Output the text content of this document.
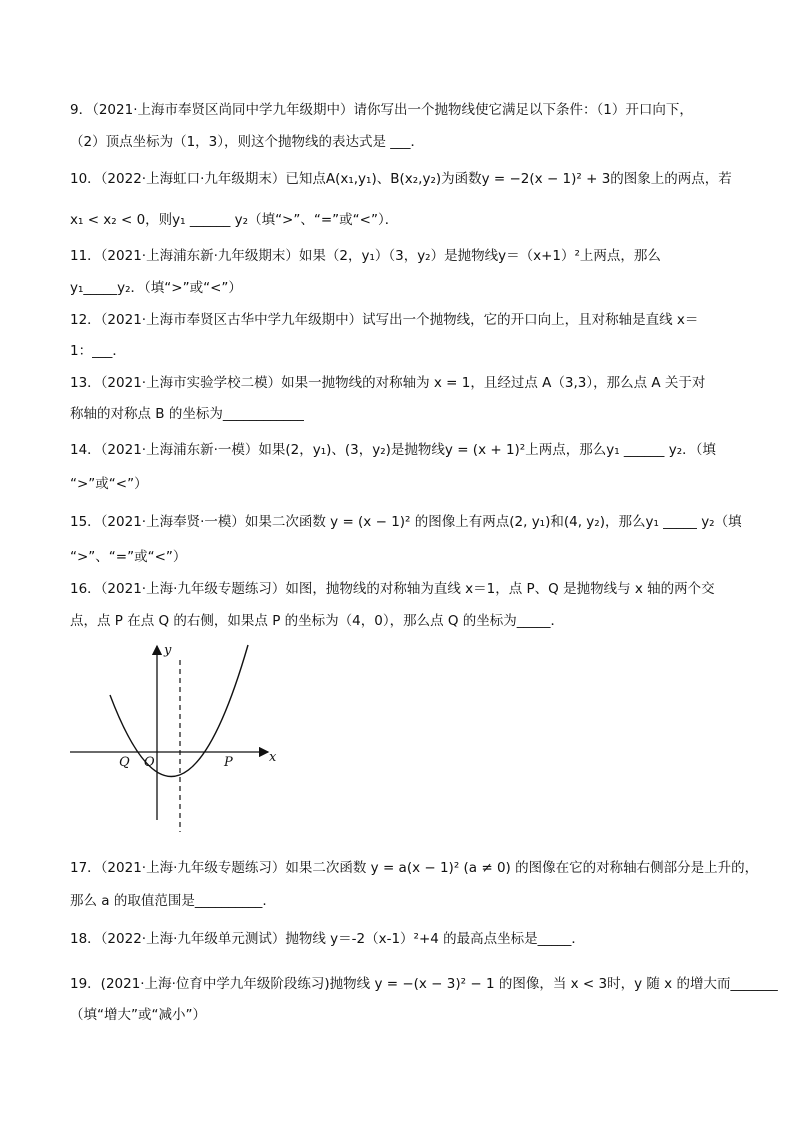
9．（2021·上海市奉贤区尚同中学九年级期中）请你写出一个抛物线使它满足以下条件：（1）开口向下，
（2）顶点坐标为（1，3），则这个抛物线的表达式是 ___．
10．（2022·上海虹口·九年级期末）已知点A(x₁,y₁)、B(x₂,y₂)为函数y = −2(x − 1)² + 3的图象上的两点，若
x₁ < x₂ < 0，则y₁ ______ y₂（填“>”、“=”或“<”）．
11．（2021·上海浦东新·九年级期末）如果（2，y₁）（3，y₂）是抛物线y＝（x+1）²上两点，那么
y₁_____y₂．（填“>”或“<”）
12．（2021·上海市奉贤区古华中学九年级期中）试写出一个抛物线，它的开口向上，且对称轴是直线 x＝
1：___．
13．（2021·上海市实验学校二模）如果一抛物线的对称轴为 x = 1，且经过点 A（3,3），那么点 A 关于对
称轴的对称点 B 的坐标为____________
14．（2021·上海浦东新·一模）如果(2，y₁)、(3，y₂)是抛物线y = (x + 1)²上两点，那么y₁ ______ y₂．（填
“>”或“<”）
15．（2021·上海奉贤·一模）如果二次函数 y = (x − 1)² 的图像上有两点(2, y₁)和(4, y₂)，那么y₁ _____ y₂（填
“>”、“=”或“<”）
16．（2021·上海·九年级专题练习）如图，抛物线的对称轴为直线 x＝1，点 P、Q 是抛物线与 x 轴的两个交
点，点 P 在点 Q 的右侧，如果点 P 的坐标为（4，0），那么点 Q 的坐标为_____．
y
x
Q O	P
17．（2021·上海·九年级专题练习）如果二次函数 y = a(x − 1)² (a ≠ 0) 的图像在它的对称轴右侧部分是上升的，
那么 a 的取值范围是__________.
18．（2022·上海·九年级单元测试）抛物线 y＝-2（x-1）²+4 的最高点坐标是_____．
19．(2021·上海·位育中学九年级阶段练习)抛物线 y = −(x − 3)² − 1 的图像，当 x < 3时，y 随 x 的增大而_______
（填“增大”或“减小”）
